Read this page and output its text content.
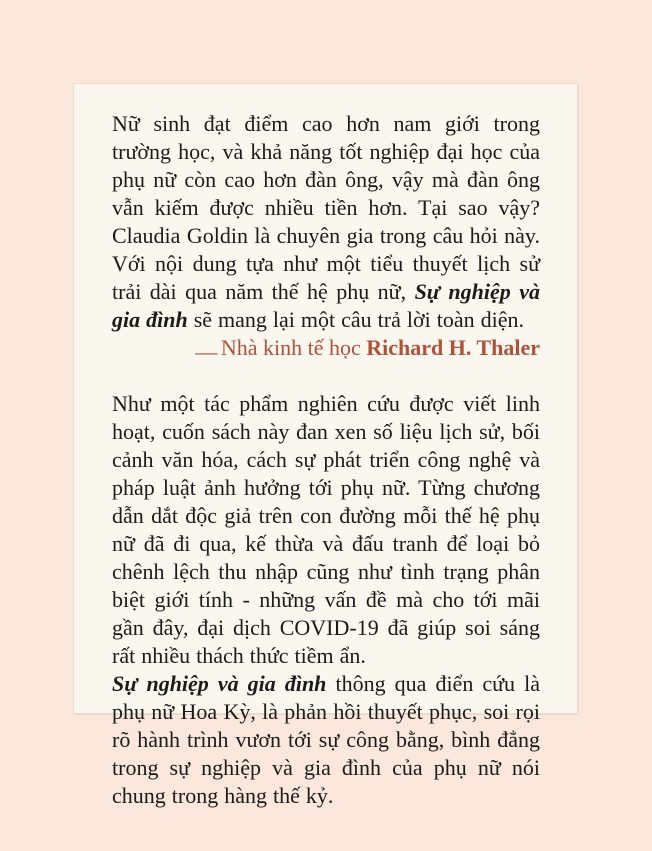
Nữ sinh đạt điểm cao hơn nam giới trong trường học, và khả năng tốt nghiệp đại học của phụ nữ còn cao hơn đàn ông, vậy mà đàn ông vẫn kiếm được nhiều tiền hơn. Tại sao vậy? Claudia Goldin là chuyên gia trong câu hỏi này. Với nội dung tựa như một tiểu thuyết lịch sử trải dài qua năm thế hệ phụ nữ, Sự nghiệp và gia đình sẽ mang lại một câu trả lời toàn diện.

— Nhà kinh tế học Richard H. Thaler

Như một tác phẩm nghiên cứu được viết linh hoạt, cuốn sách này đan xen số liệu lịch sử, bối cảnh văn hóa, cách sự phát triển công nghệ và pháp luật ảnh hưởng tới phụ nữ. Từng chương dẫn dắt độc giả trên con đường mỗi thế hệ phụ nữ đã đi qua, kế thừa và đấu tranh để loại bỏ chênh lệch thu nhập cũng như tình trạng phân biệt giới tính - những vấn đề mà cho tới mãi gần đây, đại dịch COVID-19 đã giúp soi sáng rất nhiều thách thức tiềm ẩn.

Sự nghiệp và gia đình thông qua điển cứu là phụ nữ Hoa Kỳ, là phản hồi thuyết phục, soi rọi rõ hành trình vươn tới sự công bằng, bình đẳng trong sự nghiệp và gia đình của phụ nữ nói chung trong hàng thế kỷ.
